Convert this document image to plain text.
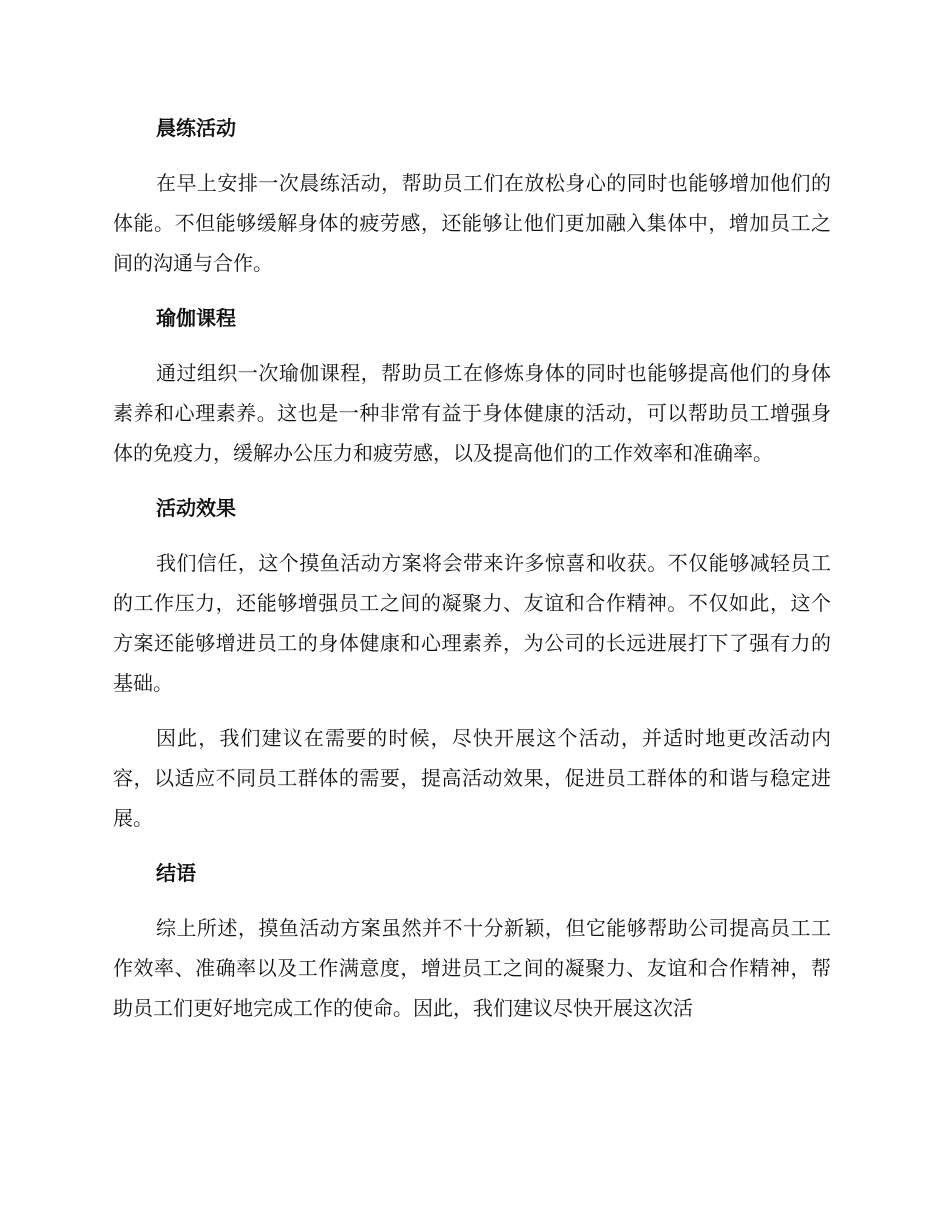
晨练活动

在早上安排一次晨练活动，帮助员工们在放松身心的同时也能够增加他们的体能。不但能够缓解身体的疲劳感，还能够让他们更加融入集体中，增加员工之间的沟通与合作。

瑜伽课程

通过组织一次瑜伽课程，帮助员工在修炼身体的同时也能够提高他们的身体素养和心理素养。这也是一种非常有益于身体健康的活动，可以帮助员工增强身体的免疫力，缓解办公压力和疲劳感，以及提高他们的工作效率和准确率。

活动效果

我们信任，这个摸鱼活动方案将会带来许多惊喜和收获。不仅能够减轻员工的工作压力，还能够增强员工之间的凝聚力、友谊和合作精神。不仅如此，这个方案还能够增进员工的身体健康和心理素养，为公司的长远进展打下了强有力的基础。

因此，我们建议在需要的时候，尽快开展这个活动，并适时地更改活动内容，以适应不同员工群体的需要，提高活动效果，促进员工群体的和谐与稳定进展。

结语

综上所述，摸鱼活动方案虽然并不十分新颖，但它能够帮助公司提高员工工作效率、准确率以及工作满意度，增进员工之间的凝聚力、友谊和合作精神，帮助员工们更好地完成工作的使命。因此，我们建议尽快开展这次活
